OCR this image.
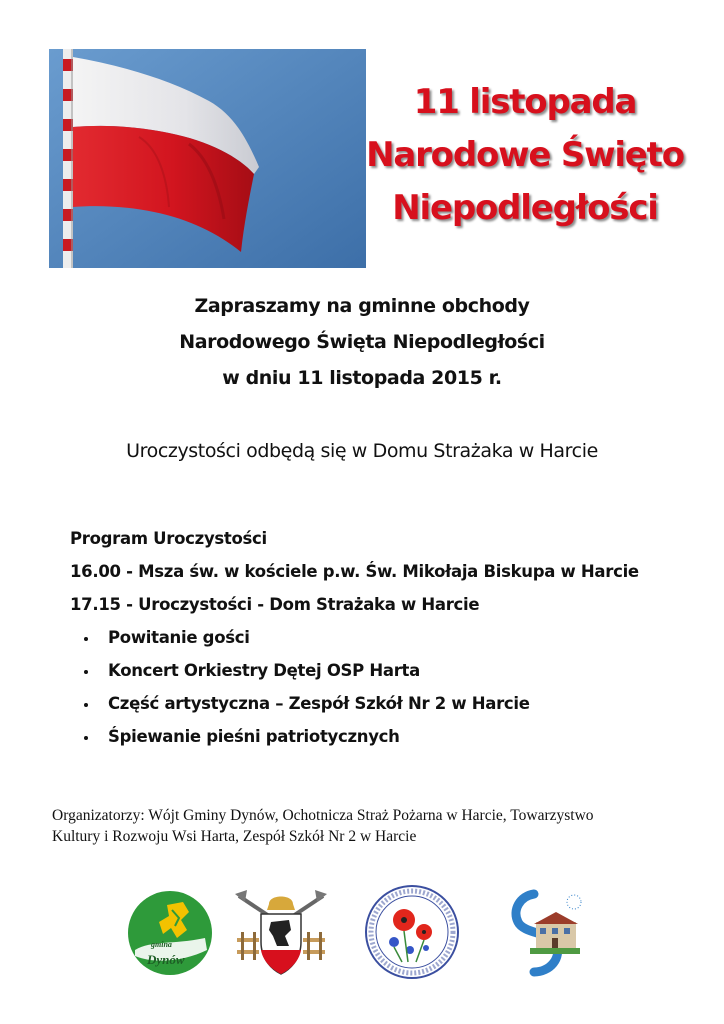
11 listopada
Narodowe Święto
Niepodległości
Zapraszamy na gminne obchody
Narodowego Święta Niepodległości
w dniu 11 listopada 2015 r.
Uroczystości odbędą się w Domu Strażaka w Harcie
Program Uroczystości
16.00 - Msza św. w kościele p.w. Św. Mikołaja Biskupa w Harcie
17.15 - Uroczystości - Dom Strażaka w Harcie
Powitanie gości
Koncert Orkiestry Dętej OSP Harta
Część artystyczna – Zespół Szkół Nr 2 w Harcie
Śpiewanie pieśni patriotycznych
Organizatorzy: Wójt Gminy Dynów, Ochotnicza Straż Pożarna w Harcie, Towarzystwo
Kultury i Rozwoju Wsi Harta, Zespół Szkół Nr 2 w Harcie
gmina
Dynów
